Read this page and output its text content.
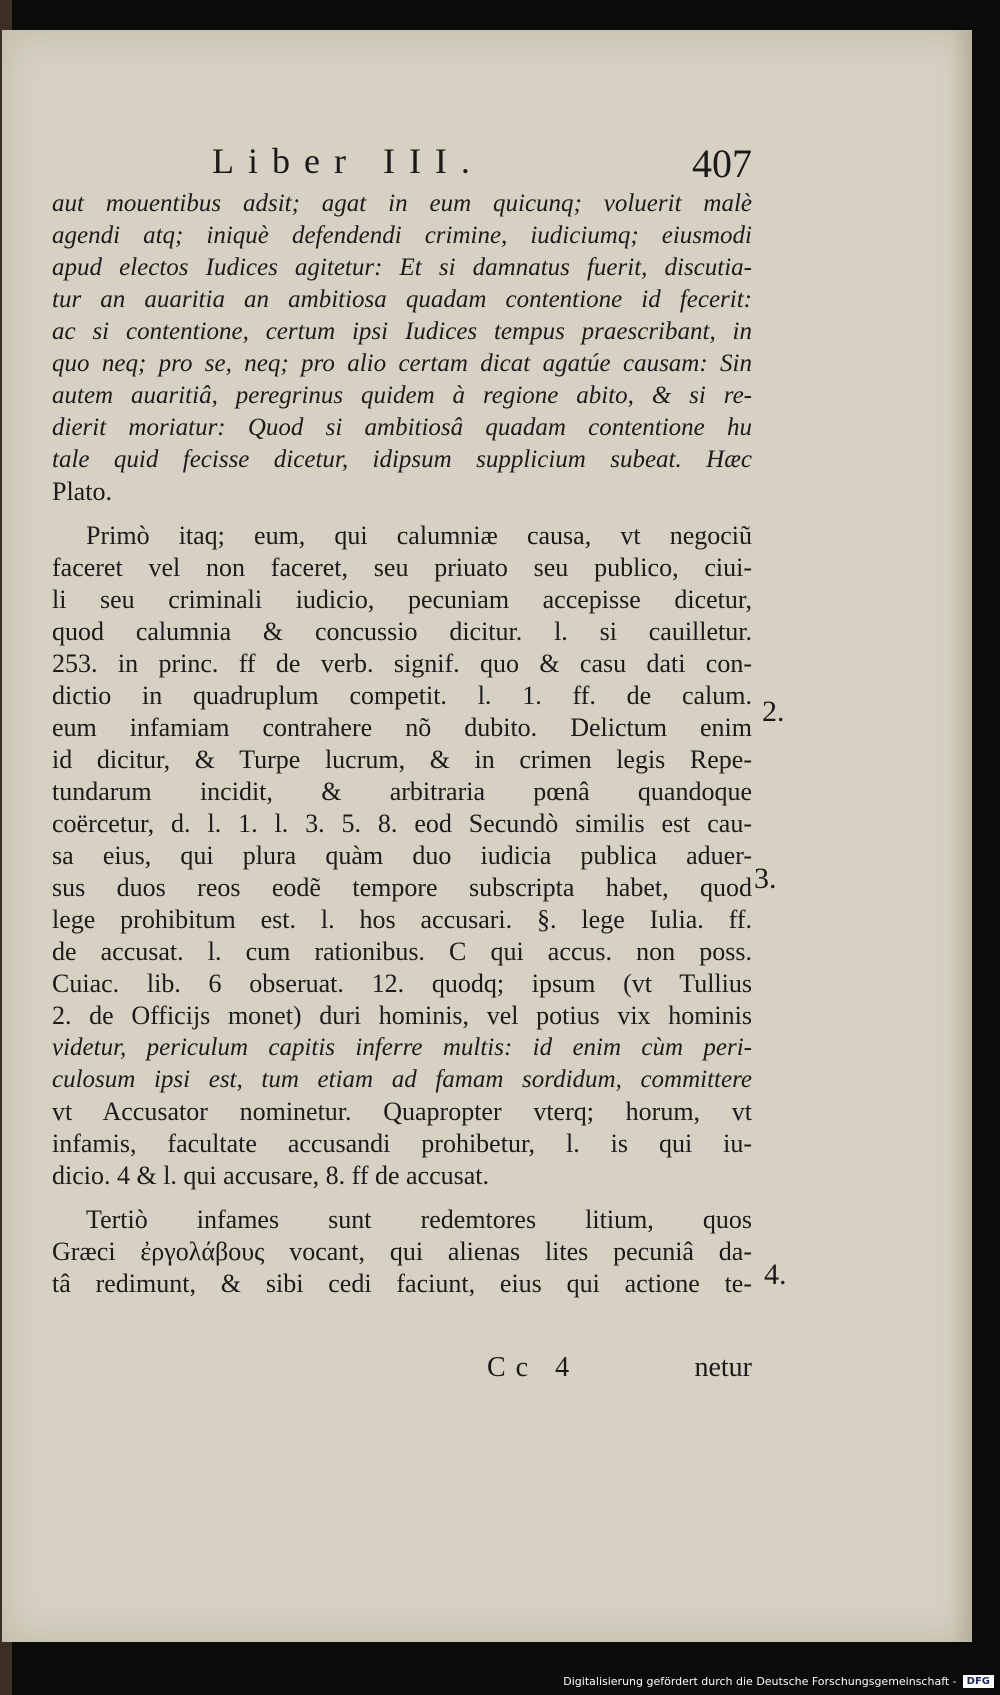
Liber III.	407
aut mouentibus adsit; agat in eum quicunq; voluerit malè
agendi atq; iniquè defendendi crimine, iudiciumq; eiusmodi
apud electos Iudices agitetur: Et si damnatus fuerit, discutia-
tur an auaritia an ambitiosa quadam contentione id fecerit:
ac si contentione, certum ipsi Iudices tempus praescribant, in
quo neq; pro se, neq; pro alio certam dicat agatúe causam: Sin
autem auaritiâ, peregrinus quidem à regione abito, & si re-
dierit moriatur: Quod si ambitiosâ quadam contentione hu
tale quid fecisse dicetur, idipsum supplicium subeat. Hæc
Plato.
Primò itaq; eum, qui calumniæ causa, vt negociũ
faceret vel non faceret, seu priuato seu publico, ciui-
li seu criminali iudicio, pecuniam accepisse dicetur,
quod calumnia & concussio dicitur. l. si cauilletur.
253. in princ. ff de verb. signif. quo & casu dati con-
dictio in quadruplum competit. l. 1. ff. de calum.
eum infamiam contrahere nõ dubito. Delictum enim
id dicitur, & Turpe lucrum, & in crimen legis Repe-
tundarum incidit, & arbitraria pœnâ quandoque
coërcetur, d. l. 1. l. 3. 5. 8. eod Secundò similis est cau-
sa eius, qui plura quàm duo iudicia publica aduer-
sus duos reos eodẽ tempore subscripta habet, quod
lege prohibitum est. l. hos accusari. §. lege Iulia. ff.
de accusat. l. cum rationibus. C qui accus. non poss.
Cuiac. lib. 6 obseruat. 12. quodq; ipsum (vt Tullius
2. de Officijs monet) duri hominis, vel potius vix hominis
videtur, periculum capitis inferre multis: id enim cùm peri-
culosum ipsi est, tum etiam ad famam sordidum, committere
vt Accusator nominetur. Quapropter vterq; horum, vt
infamis, facultate accusandi prohibetur, l. is qui iu-
dicio. 4 & l. qui accusare, 8. ff de accusat.
Tertiò infames sunt redemtores litium, quos
Græci ἐργολάβους vocant, qui alienas lites pecuniâ da-
tâ redimunt, & sibi cedi faciunt, eius qui actione te-
2.
3.
4.
Cc 4	netur
Digitalisierung gefördert durch die Deutsche Forschungsgemeinschaft -	DFG
